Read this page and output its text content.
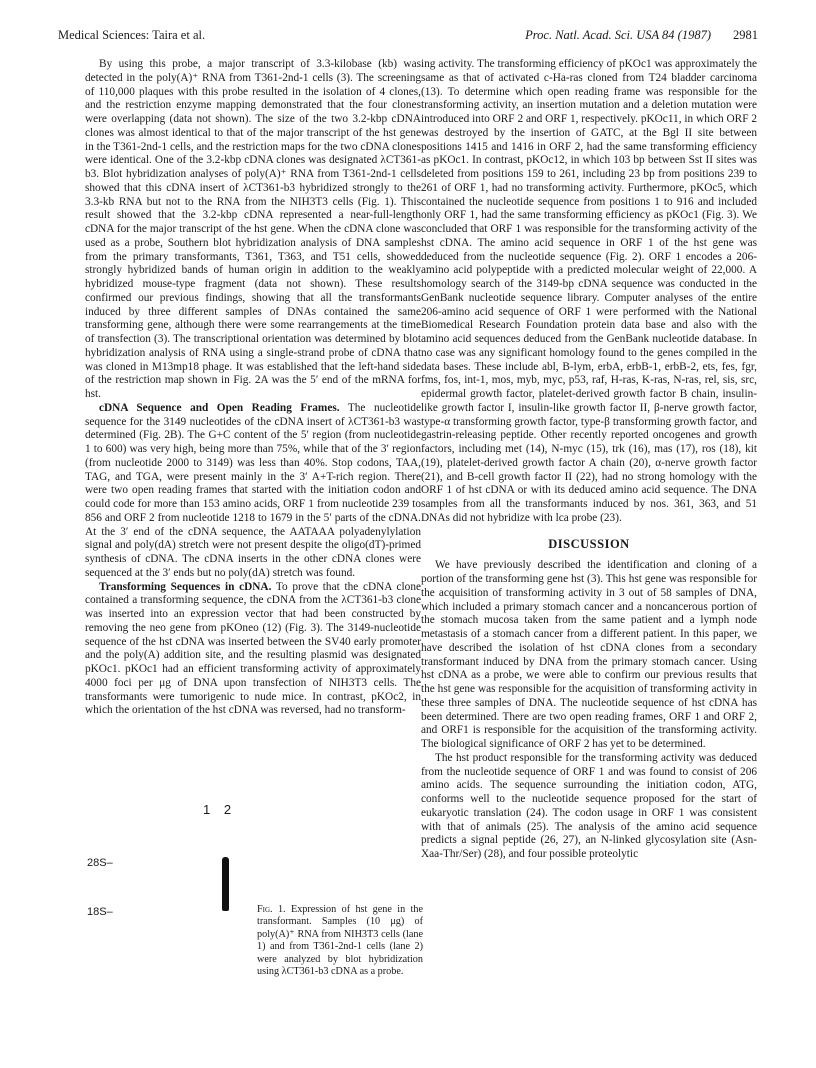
Medical Sciences: Taira et al.	Proc. Natl. Acad. Sci. USA 84 (1987) 2981

By using this probe, a major transcript of 3.3-kilobase (kb) was detected in the poly(A)⁺ RNA from T361-2nd-1 cells (3). The screening of 110,000 plaques with this probe resulted in the isolation of 4 clones, and the restriction enzyme mapping demonstrated that the four clones were overlapping (data not shown). The size of the two 3.2-kbp cDNA clones was almost identical to that of the major transcript of the hst gene in the T361-2nd-1 cells, and the restriction maps for the two cDNA clones were identical. One of the 3.2-kbp cDNA clones was designated λCT361-b3. Blot hybridization analyses of poly(A)⁺ RNA from T361-2nd-1 cells showed that this cDNA insert of λCT361-b3 hybridized strongly to the 3.3-kb RNA but not to the RNA from the NIH3T3 cells (Fig. 1). This result showed that the 3.2-kbp cDNA represented a near-full-length cDNA for the major transcript of the hst gene. When the cDNA clone was used as a probe, Southern blot hybridization analysis of DNA samples from the primary transformants, T361, T363, and T51 cells, showed strongly hybridized bands of human origin in addition to the weakly hybridized mouse-type fragment (data not shown). These results confirmed our previous findings, showing that all the transformants induced by three different samples of DNAs contained the same transforming gene, although there were some rearrangements at the time of transfection (3). The transcriptional orientation was determined by blot hybridization analysis of RNA using a single-strand probe of cDNA that was cloned in M13mp18 phage. It was established that the left-hand side of the restriction map shown in Fig. 2A was the 5′ end of the mRNA for hst.

cDNA Sequence and Open Reading Frames. The nucleotide sequence for the 3149 nucleotides of the cDNA insert of λCT361-b3 was determined (Fig. 2B). The G+C content of the 5′ region (from nucleotide 1 to 600) was very high, being more than 75%, while that of the 3′ region (from nucleotide 2000 to 3149) was less than 40%. Stop codons, TAA, TAG, and TGA, were present mainly in the 3′ A+T-rich region. There were two open reading frames that started with the initiation codon and could code for more than 153 amino acids, ORF 1 from nucleotide 239 to 856 and ORF 2 from nucleotide 1218 to 1679 in the 5′ parts of the cDNA. At the 3′ end of the cDNA sequence, the AATAAA polyadenylylation signal and poly(dA) stretch were not present despite the oligo(dT)-primed synthesis of cDNA. The cDNA inserts in the other cDNA clones were sequenced at the 3′ ends but no poly(dA) stretch was found.

Transforming Sequences in cDNA. To prove that the cDNA clone contained a transforming sequence, the cDNA from the λCT361-b3 clone was inserted into an expression vector that had been constructed by removing the neo gene from pKOneo (12) (Fig. 3). The 3149-nucleotide sequence of the hst cDNA was inserted between the SV40 early promoter and the poly(A) addition site, and the resulting plasmid was designated pKOc1. pKOc1 had an efficient transforming activity of approximately 4000 foci per μg of DNA upon transfection of NIH3T3 cells. The transformants were tumorigenic to nude mice. In contrast, pKOc2, in which the orientation of the hst cDNA was reversed, had no transform-

ing activity. The transforming efficiency of pKOc1 was approximately the same as that of activated c-Ha-ras cloned from T24 bladder carcinoma (13). To determine which open reading frame was responsible for the transforming activity, an insertion mutation and a deletion mutation were introduced into ORF 2 and ORF 1, respectively. pKOc11, in which ORF 2 was destroyed by the insertion of GATC, at the Bgl II site between positions 1415 and 1416 in ORF 2, had the same transforming efficiency as pKOc1. In contrast, pKOc12, in which 103 bp between Sst II sites was deleted from positions 159 to 261, including 23 bp from positions 239 to 261 of ORF 1, had no transforming activity. Furthermore, pKOc5, which contained the nucleotide sequence from positions 1 to 916 and included only ORF 1, had the same transforming efficiency as pKOc1 (Fig. 3). We concluded that ORF 1 was responsible for the transforming activity of the hst cDNA. The amino acid sequence in ORF 1 of the hst gene was deduced from the nucleotide sequence (Fig. 2). ORF 1 encodes a 206-amino acid polypeptide with a predicted molecular weight of 22,000. A homology search of the 3149-bp cDNA sequence was conducted in the GenBank nucleotide sequence library. Computer analyses of the entire 206-amino acid sequence of ORF 1 were performed with the National Biomedical Research Foundation protein data base and also with the amino acid sequences deduced from the GenBank nucleotide database. In no case was any significant homology found to the genes compiled in the data bases. These include abl, B-lym, erbA, erbB-1, erbB-2, ets, fes, fgr, fms, fos, int-1, mos, myb, myc, p53, raf, H-ras, K-ras, N-ras, rel, sis, src, epidermal growth factor, platelet-derived growth factor B chain, insulin-like growth factor I, insulin-like growth factor II, β-nerve growth factor, type-α transforming growth factor, type-β transforming growth factor, and gastrin-releasing peptide. Other recently reported oncogenes and growth factors, including met (14), N-myc (15), trk (16), mas (17), ros (18), kit (19), platelet-derived growth factor A chain (20), α-nerve growth factor (21), and B-cell growth factor II (22), had no strong homology with the ORF 1 of hst cDNA or with its deduced amino acid sequence. The DNA samples from all the transformants induced by nos. 361, 363, and 51 DNAs did not hybridize with lca probe (23).

DISCUSSION

We have previously described the identification and cloning of a portion of the transforming gene hst (3). This hst gene was responsible for the acquisition of transforming activity in 3 out of 58 samples of DNA, which included a primary stomach cancer and a noncancerous portion of the stomach mucosa taken from the same patient and a lymph node metastasis of a stomach cancer from a different patient. In this paper, we have described the isolation of hst cDNA clones from a secondary transformant induced by DNA from the primary stomach cancer. Using hst cDNA as a probe, we were able to confirm our previous results that the hst gene was responsible for the acquisition of transforming activity in these three samples of DNA. The nucleotide sequence of hst cDNA has been determined. There are two open reading frames, ORF 1 and ORF 2, and ORF1 is responsible for the acquisition of the transforming activity. The biological significance of ORF 2 has yet to be determined.

The hst product responsible for the transforming activity was deduced from the nucleotide sequence of ORF 1 and was found to consist of 206 amino acids. The sequence surrounding the initiation codon, ATG, conforms well to the nucleotide sequence proposed for the start of eukaryotic translation (24). The codon usage in ORF 1 was consistent with that of animals (25). The analysis of the amino acid sequence predicts a signal peptide (26, 27), an N-linked glycosylation site (Asn-Xaa-Thr/Ser) (28), and four possible proteolytic

1 2
28S–
18S–	Fig. 1. Expression of hst gene in the transformant. Samples (10 μg) of poly(A)⁺ RNA from NIH3T3 cells (lane 1) and from T361-2nd-1 cells (lane 2) were analyzed by blot hybridization using λCT361-b3 cDNA as a probe.
